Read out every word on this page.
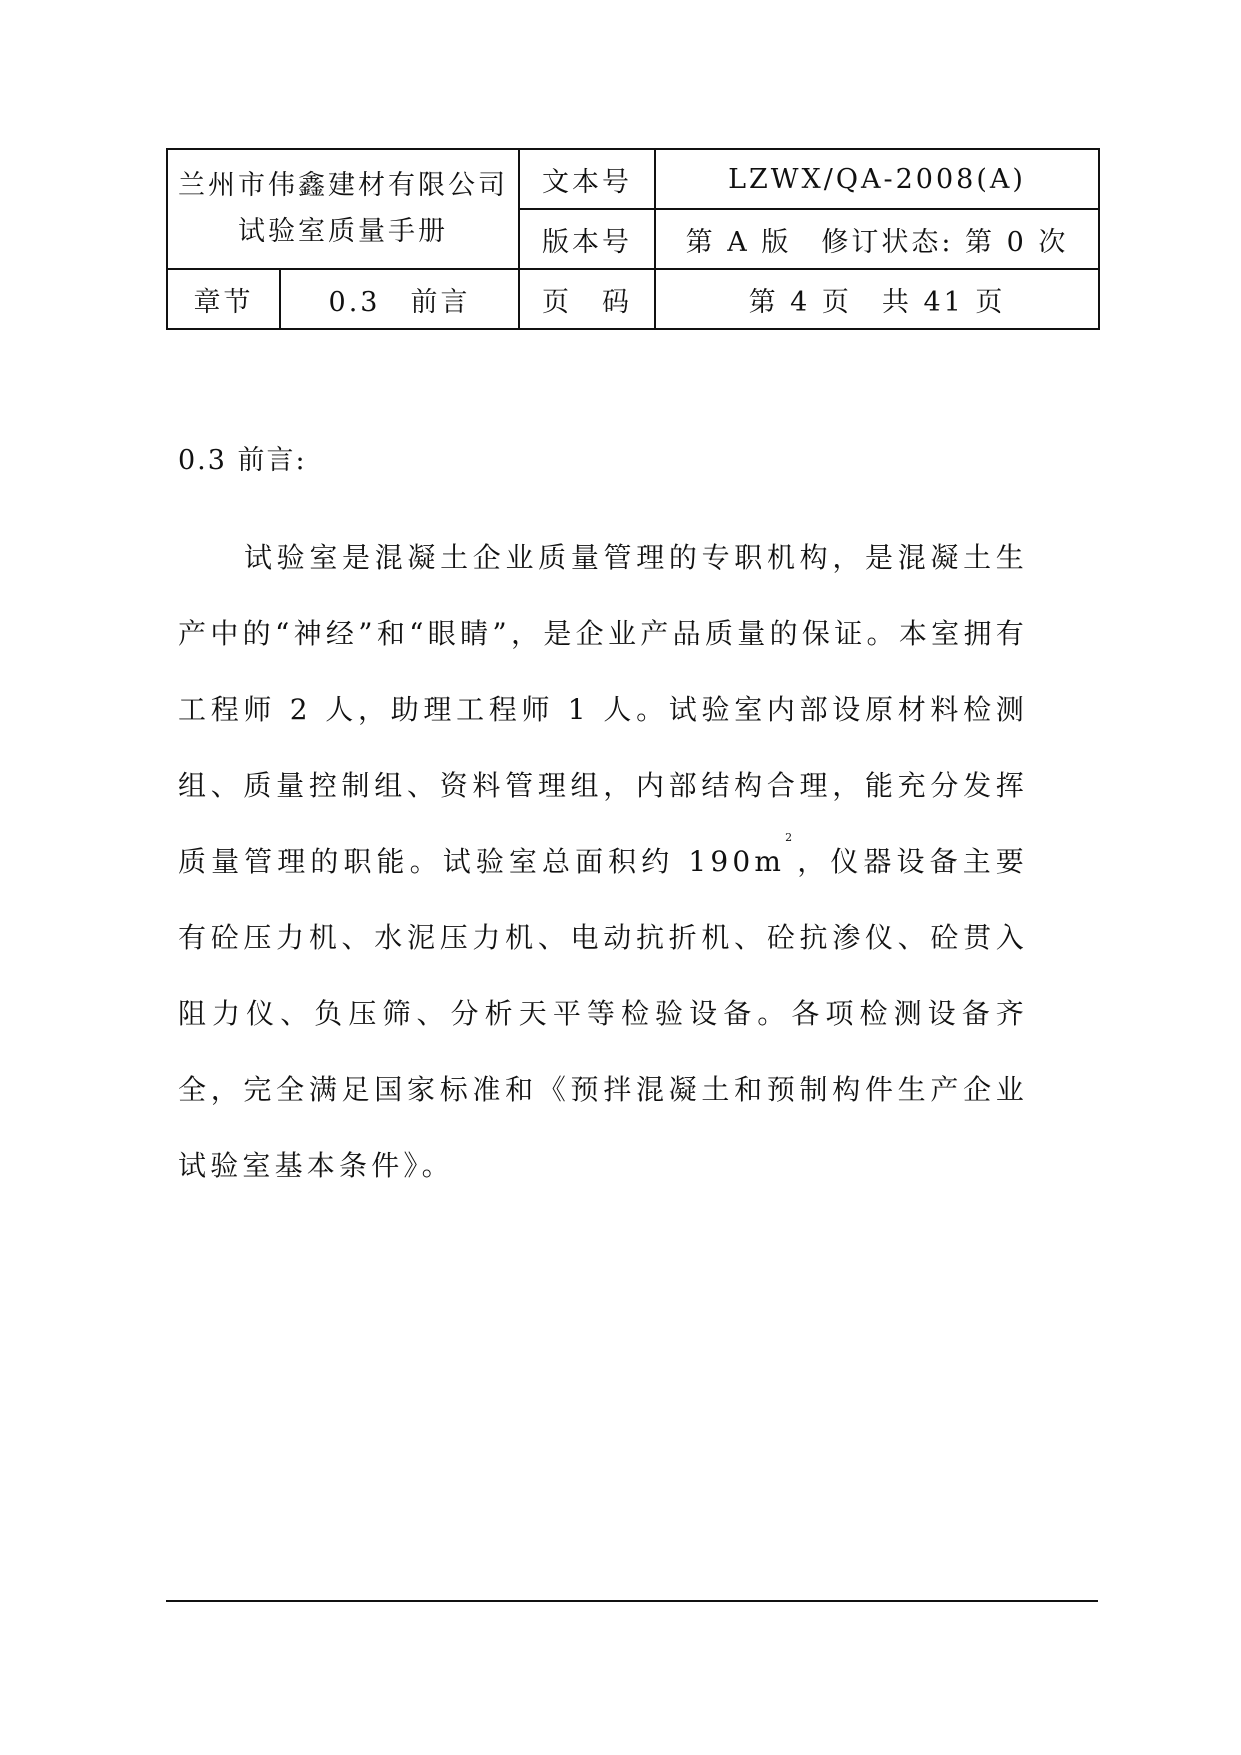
兰州市伟鑫建材有限公司
试验室质量手册		文本号	LZWX/QA-2008(A)
		版本号	第 A 版　修订状态: 第 0 次
章节	0.3　前言	页　码	第 4 页　共 41 页
0.3 前言:

试验室是混凝土企业质量管理的专职机构，是混凝土生产中的“神经”和“眼睛”，是企业产品质量的保证。本室拥有工程师 2 人，助理工程师 1 人。试验室内部设原材料检测组、质量控制组、资料管理组，内部结构合理，能充分发挥质量管理的职能。试验室总面积约 $190m^2$，仪器设备主要有砼压力机、水泥压力机、电动抗折机、砼抗渗仪、砼贯入阻力仪、负压筛、分析天平等检验设备。各项检测设备齐全，完全满足国家标准和《预拌混凝土和预制构件生产企业试验室基本条件》。
